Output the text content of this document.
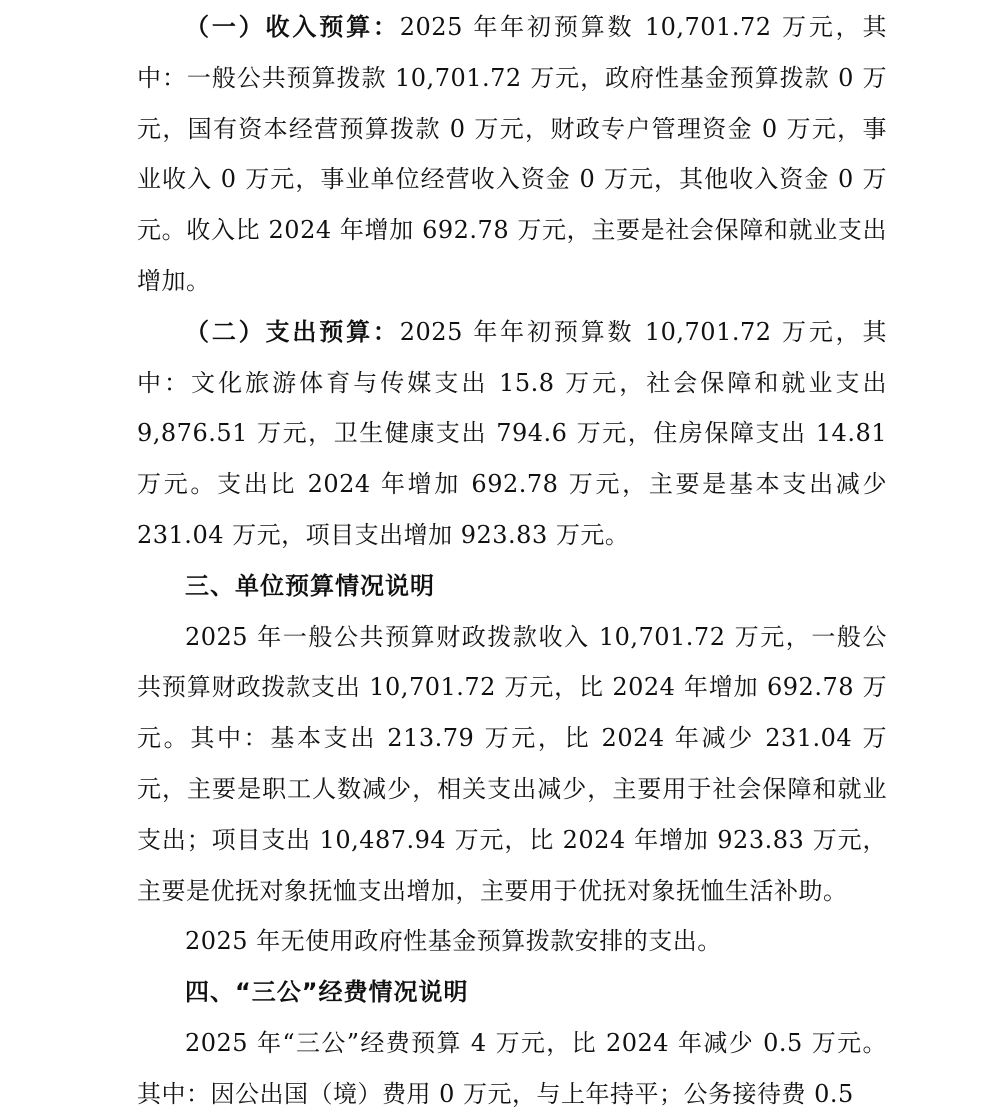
（一）收入预算：2025 年年初预算数 10,701.72 万元，其中：一般公共预算拨款 10,701.72 万元，政府性基金预算拨款 0 万元，国有资本经营预算拨款 0 万元，财政专户管理资金 0 万元，事业收入 0 万元，事业单位经营收入资金 0 万元，其他收入资金 0 万元。收入比 2024 年增加 692.78 万元，主要是社会保障和就业支出增加。

（二）支出预算：2025 年年初预算数 10,701.72 万元，其中：文化旅游体育与传媒支出 15.8 万元，社会保障和就业支出 9,876.51 万元，卫生健康支出 794.6 万元，住房保障支出 14.81 万元。支出比 2024 年增加 692.78 万元，主要是基本支出减少 231.04 万元，项目支出增加 923.83 万元。

三、单位预算情况说明

2025 年一般公共预算财政拨款收入 10,701.72 万元，一般公共预算财政拨款支出 10,701.72 万元，比 2024 年增加 692.78 万元。其中：基本支出 213.79 万元，比 2024 年减少 231.04 万元，主要是职工人数减少，相关支出减少，主要用于社会保障和就业支出；项目支出 10,487.94 万元，比 2024 年增加 923.83 万元，主要是优抚对象抚恤支出增加，主要用于优抚对象抚恤生活补助。

2025 年无使用政府性基金预算拨款安排的支出。

四、“三公”经费情况说明

2025 年“三公”经费预算 4 万元，比 2024 年减少 0.5 万元。其中：因公出国（境）费用 0 万元，与上年持平；公务接待费 0.5
